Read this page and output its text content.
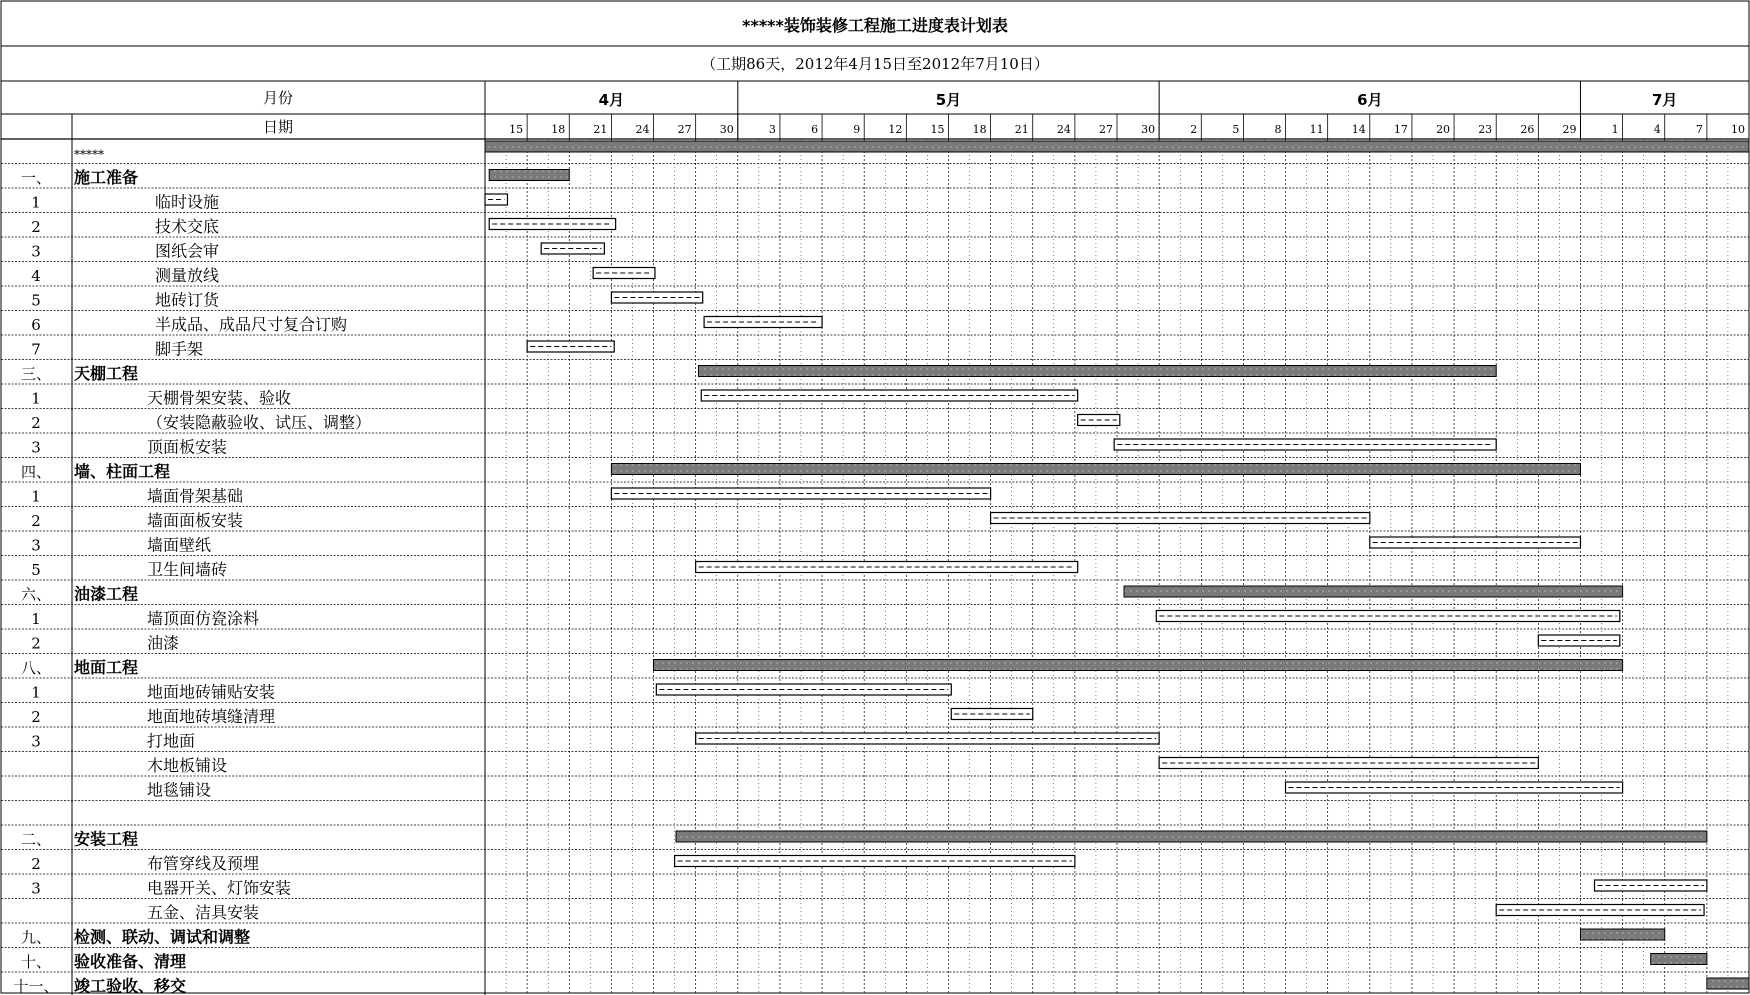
*****装饰装修工程施工进度表计划表
（工期86天，2012年4月15日至2012年7月10日）
月份
日期
4月	5月	6月	7月
15	18	21	24	27	30	3	6	9	12	15	18	21	24	27	30	2	5	8	11	14	17	20	23	26	29	1	4	7	10
*****
一、 施工准备
1	临时设施
2	技术交底
3	图纸会审
4	测量放线
5	地砖订货
6	半成品、成品尺寸复合订购
7	脚手架
三、 天棚工程
1	天棚骨架安装、验收
2	（安装隐蔽验收、试压、调整）
3	顶面板安装
四、 墙、柱面工程
1	墙面骨架基础
2	墙面面板安装
3	墙面壁纸
5	卫生间墙砖
六、 油漆工程
1	墙顶面仿瓷涂料
2	油漆
八、 地面工程
1	地面地砖铺贴安装
2	地面地砖填缝清理
3	打地面
木地板铺设
地毯铺设
二、 安装工程
2	布管穿线及预埋
3	电器开关、灯饰安装
五金、洁具安装
九、 检测、联动、调试和调整
十、 验收准备、清理
十一、 竣工验收、移交
